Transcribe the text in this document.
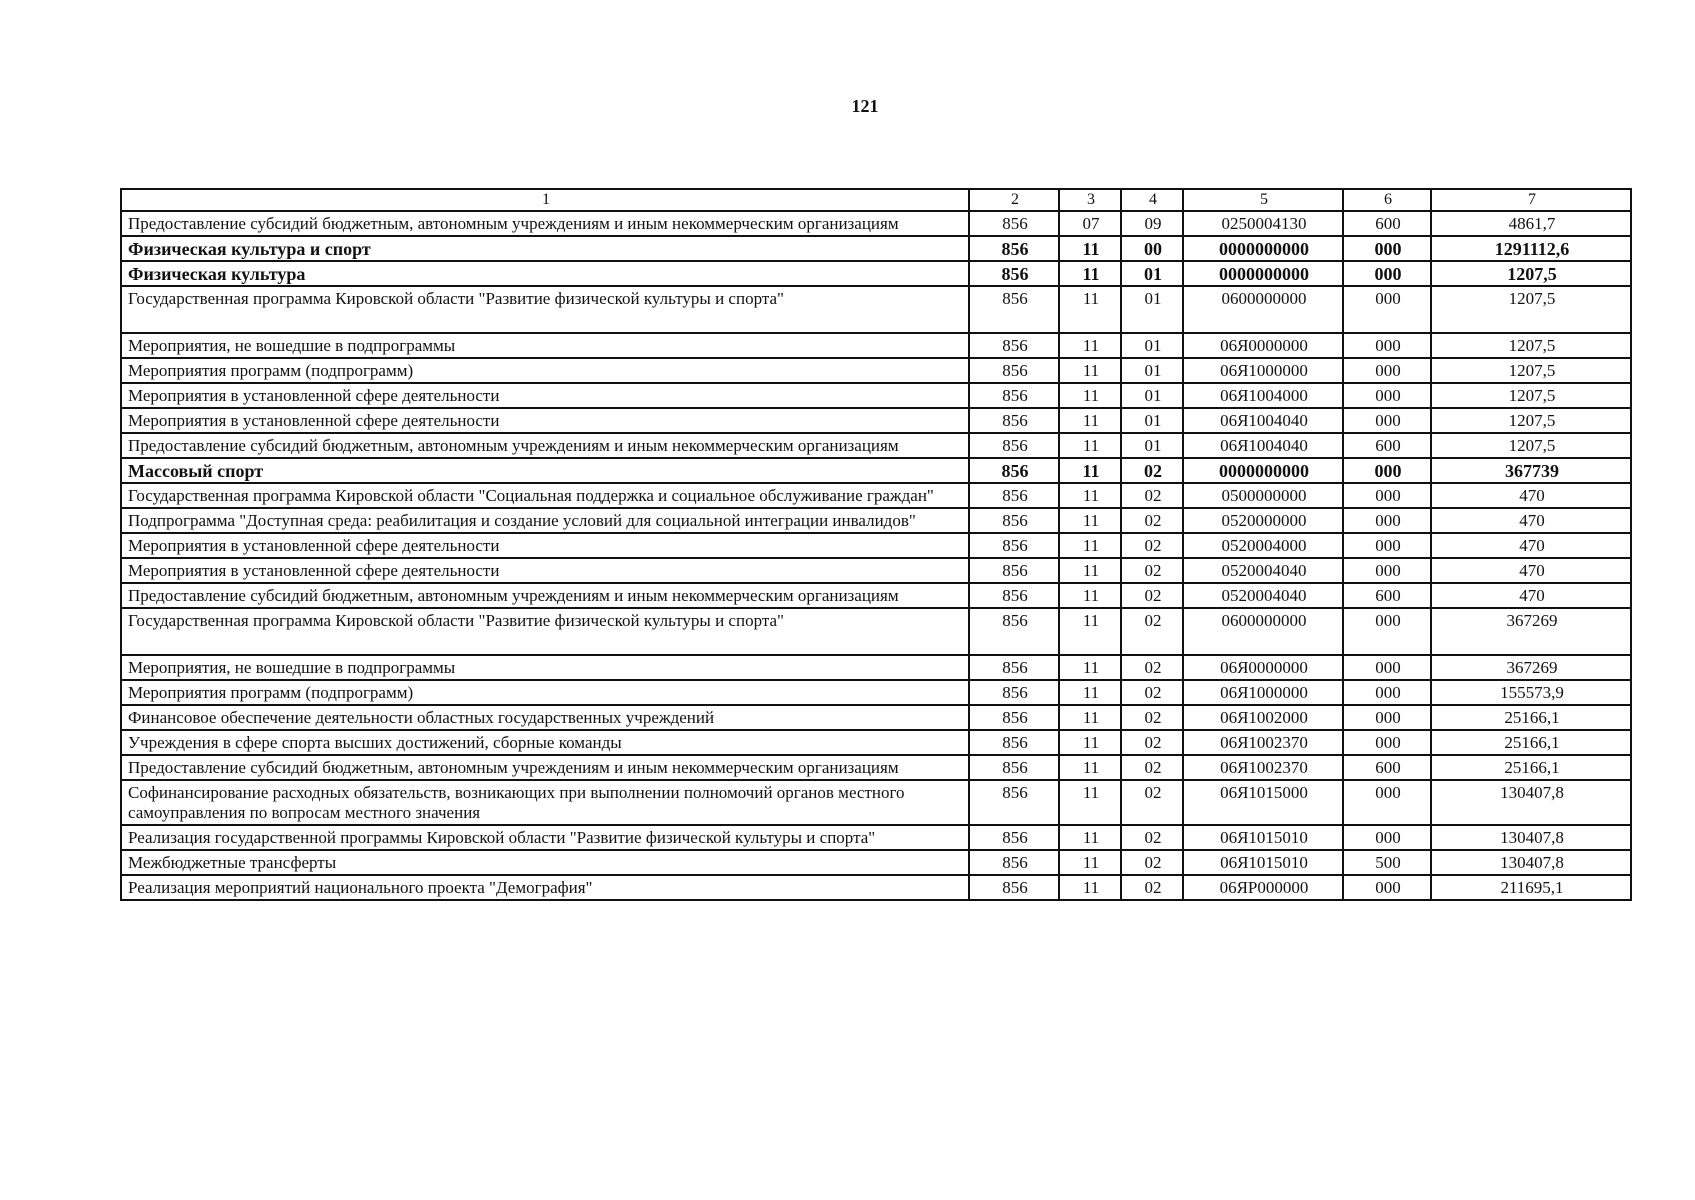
121
1	2	3	4	5	6	7
Предоставление субсидий бюджетным, автономным учреждениям и иным некоммерческим организациям	856	07	09	0250004130	600	4861,7
Физическая культура и спорт	856	11	00	0000000000	000	1291112,6
Физическая культура	856	11	01	0000000000	000	1207,5
Государственная программа Кировской области "Развитие физической культуры и спорта"	856	11	01	0600000000	000	1207,5
Мероприятия, не вошедшие в подпрограммы	856	11	01	06Я0000000	000	1207,5
Мероприятия программ (подпрограмм)	856	11	01	06Я1000000	000	1207,5
Мероприятия в установленной сфере деятельности	856	11	01	06Я1004000	000	1207,5
Мероприятия в установленной сфере деятельности	856	11	01	06Я1004040	000	1207,5
Предоставление субсидий бюджетным, автономным учреждениям и иным некоммерческим организациям	856	11	01	06Я1004040	600	1207,5
Массовый спорт	856	11	02	0000000000	000	367739
Государственная программа Кировской области "Социальная поддержка и социальное обслуживание граждан"	856	11	02	0500000000	000	470
Подпрограмма "Доступная среда: реабилитация и создание условий для социальной интеграции инвалидов"	856	11	02	0520000000	000	470
Мероприятия в установленной сфере деятельности	856	11	02	0520004000	000	470
Мероприятия в установленной сфере деятельности	856	11	02	0520004040	000	470
Предоставление субсидий бюджетным, автономным учреждениям и иным некоммерческим организациям	856	11	02	0520004040	600	470
Государственная программа Кировской области "Развитие физической культуры и спорта"	856	11	02	0600000000	000	367269
Мероприятия, не вошедшие в подпрограммы	856	11	02	06Я0000000	000	367269
Мероприятия программ (подпрограмм)	856	11	02	06Я1000000	000	155573,9
Финансовое обеспечение деятельности областных государственных учреждений	856	11	02	06Я1002000	000	25166,1
Учреждения в сфере спорта высших достижений, сборные команды	856	11	02	06Я1002370	000	25166,1
Предоставление субсидий бюджетным, автономным учреждениям и иным некоммерческим организациям	856	11	02	06Я1002370	600	25166,1
Софинансирование расходных обязательств, возникающих при выполнении полномочий органов местного самоуправления по вопросам местного значения	856	11	02	06Я1015000	000	130407,8
Реализация государственной программы Кировской области "Развитие физической культуры и спорта"	856	11	02	06Я1015010	000	130407,8
Межбюджетные трансферты	856	11	02	06Я1015010	500	130407,8
Реализация мероприятий национального проекта "Демография"	856	11	02	06ЯР000000	000	211695,1
